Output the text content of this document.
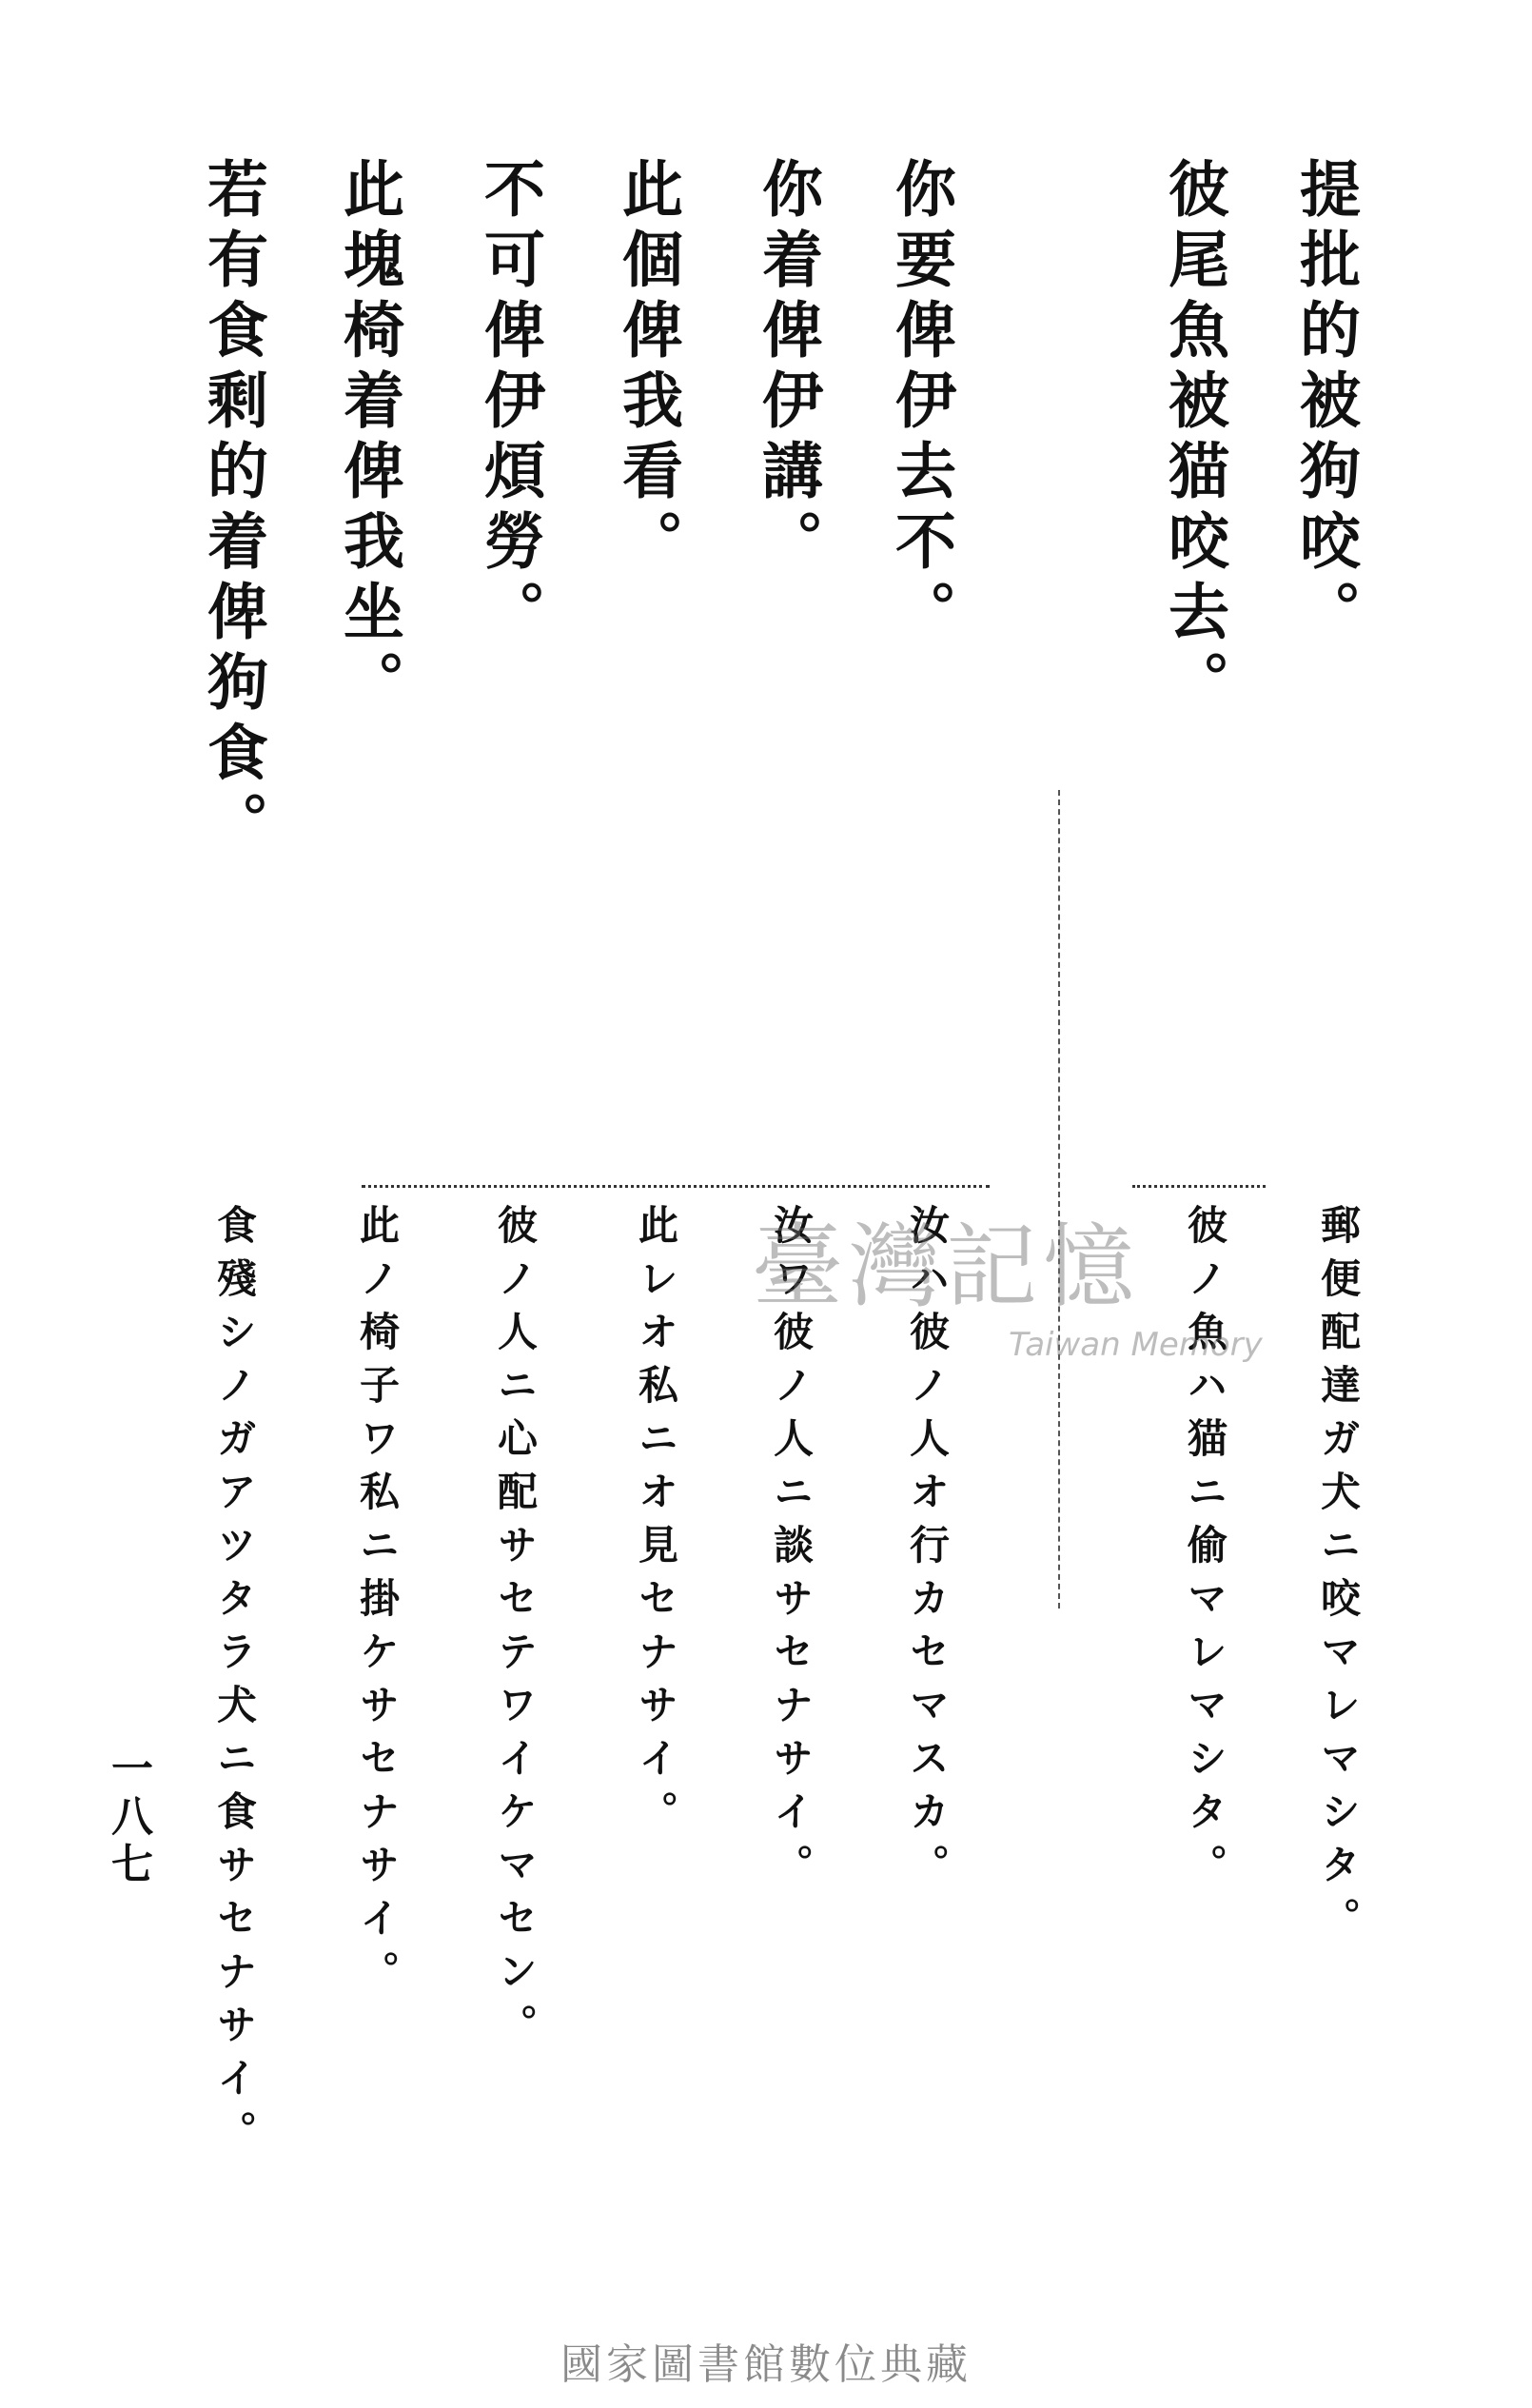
提批的被狗咬。
彼尾魚被猫咬去。
你要俾伊去不。
你着俾伊講。
此個俾我看。
不可俾伊煩勞。
此塊椅着俾我坐。
若有食剩的着俾狗食。
郵便配達ガ犬ニ咬マレマシタ。
彼ノ魚ハ猫ニ偷マレマシタ。
汝ハ彼ノ人オ行カセマスカ。
汝ワ彼ノ人ニ談サセナサイ。
此レオ私ニオ見セナサイ。
彼ノ人ニ心配サセテワイケマセン。
此ノ椅子ワ私ニ掛ケサセナサイ。
食殘シノガアツタラ犬ニ食サセナサイ。	臺灣記憶
Taiwan Memory
一八七
國家圖書館數位典藏
